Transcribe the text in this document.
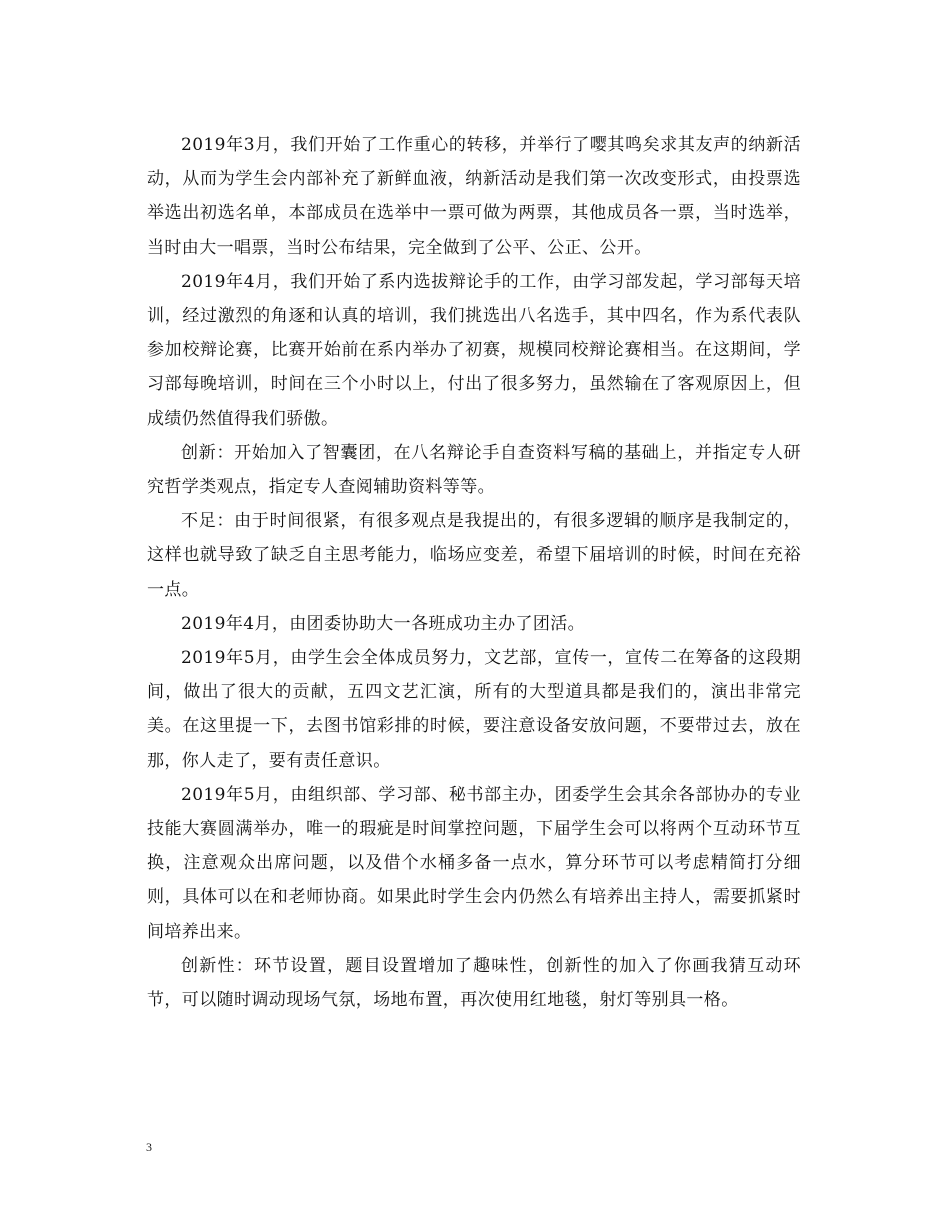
2019年3月，我们开始了工作重心的转移，并举行了嘤其鸣矣求其友声的纳新活动，从而为学生会内部补充了新鲜血液，纳新活动是我们第一次改变形式，由投票选举选出初选名单，本部成员在选举中一票可做为两票，其他成员各一票，当时选举，当时由大一唱票，当时公布结果，完全做到了公平、公正、公开。

2019年4月，我们开始了系内选拔辩论手的工作，由学习部发起，学习部每天培训，经过激烈的角逐和认真的培训，我们挑选出八名选手，其中四名，作为系代表队参加校辩论赛，比赛开始前在系内举办了初赛，规模同校辩论赛相当。在这期间，学习部每晚培训，时间在三个小时以上，付出了很多努力，虽然输在了客观原因上，但成绩仍然值得我们骄傲。

创新：开始加入了智囊团，在八名辩论手自查资料写稿的基础上，并指定专人研究哲学类观点，指定专人查阅辅助资料等等。

不足：由于时间很紧，有很多观点是我提出的，有很多逻辑的顺序是我制定的，这样也就导致了缺乏自主思考能力，临场应变差，希望下届培训的时候，时间在充裕一点。

2019年4月，由团委协助大一各班成功主办了团活。

2019年5月，由学生会全体成员努力，文艺部，宣传一，宣传二在筹备的这段期间，做出了很大的贡献，五四文艺汇演，所有的大型道具都是我们的，演出非常完美。在这里提一下，去图书馆彩排的时候，要注意设备安放问题，不要带过去，放在那，你人走了，要有责任意识。

2019年5月，由组织部、学习部、秘书部主办，团委学生会其余各部协办的专业技能大赛圆满举办，唯一的瑕疵是时间掌控问题，下届学生会可以将两个互动环节互换，注意观众出席问题，以及借个水桶多备一点水，算分环节可以考虑精简打分细则，具体可以在和老师协商。如果此时学生会内仍然么有培养出主持人，需要抓紧时间培养出来。

创新性：环节设置，题目设置增加了趣味性，创新性的加入了你画我猜互动环节，可以随时调动现场气氛，场地布置，再次使用红地毯，射灯等别具一格。

3
